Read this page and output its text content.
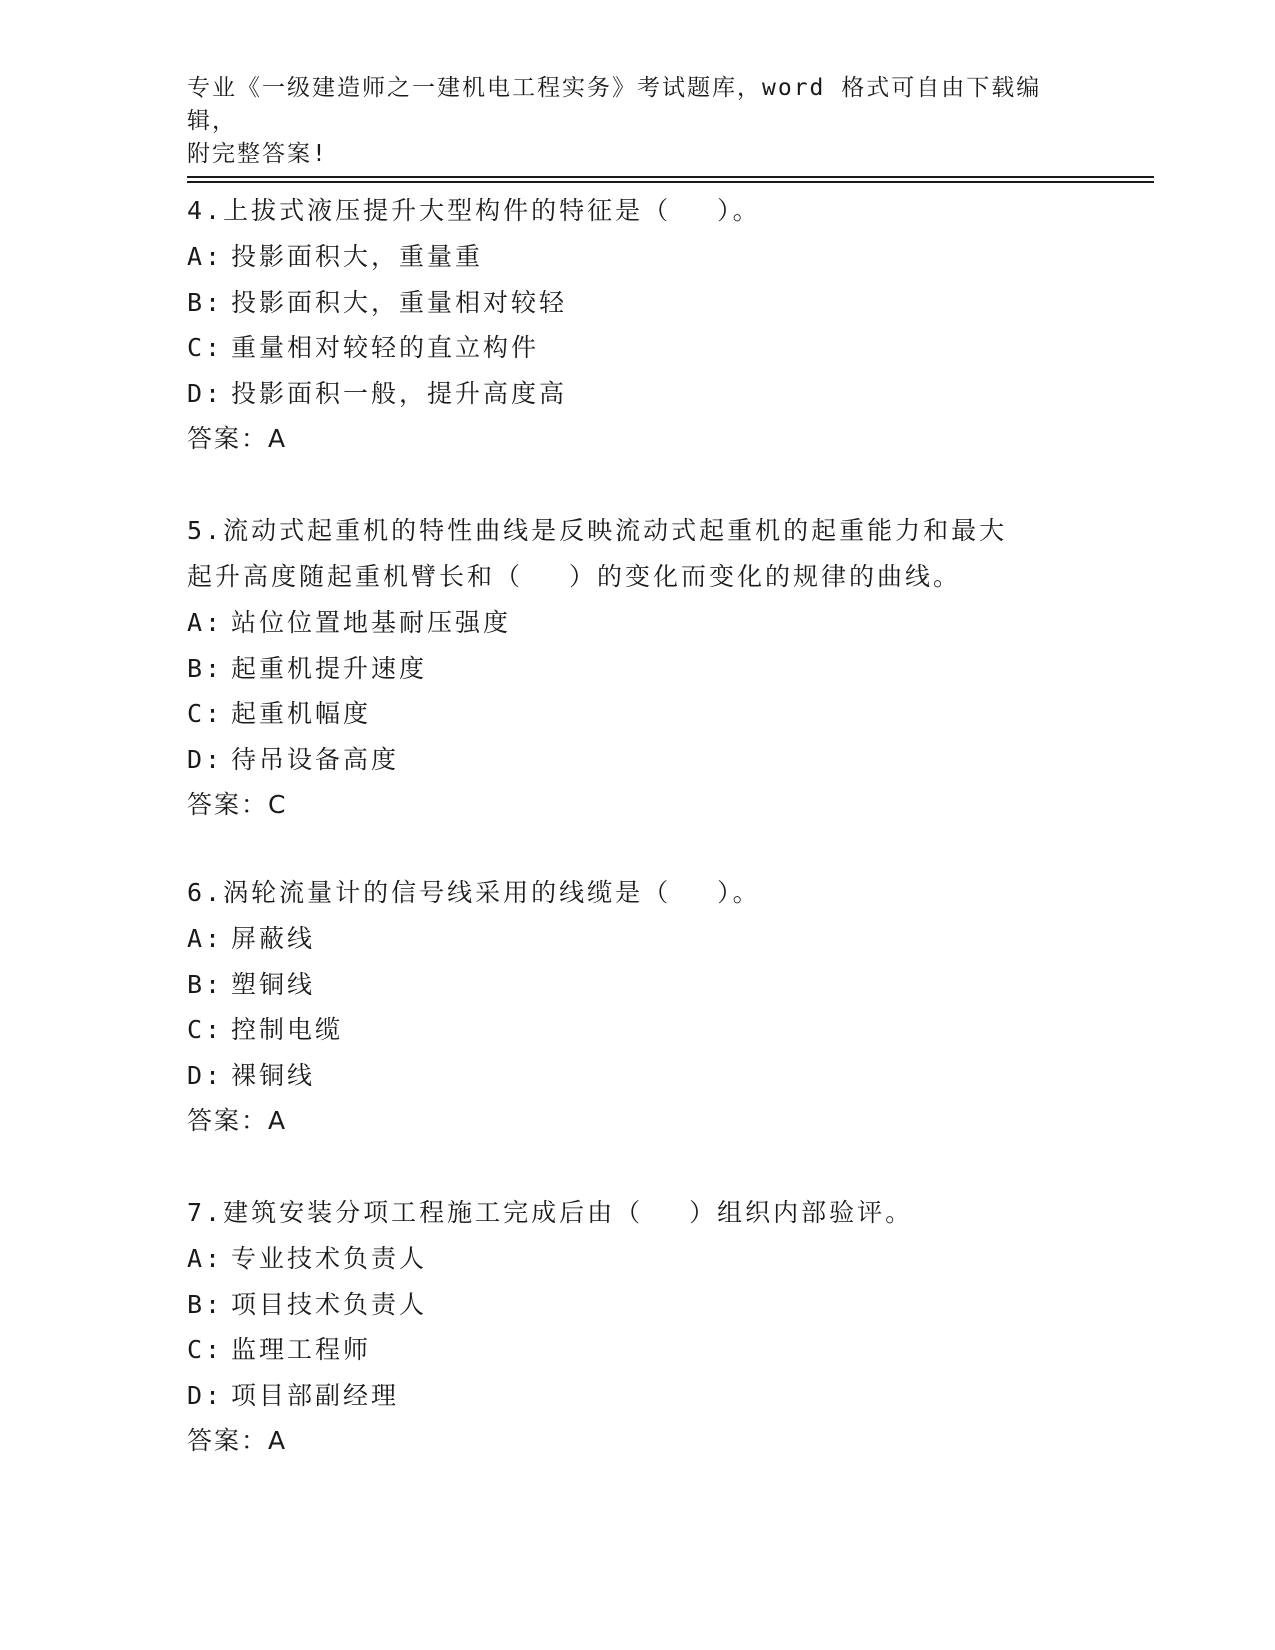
专业《一级建造师之一建机电工程实务》考试题库，word 格式可自由下载编辑，
附完整答案!
4.上拔式液压提升大型构件的特征是（　 ）。
A: 投影面积大，重量重
B: 投影面积大，重量相对较轻
C: 重量相对较轻的直立构件
D: 投影面积一般，提升高度高
答案：A
5.流动式起重机的特性曲线是反映流动式起重机的起重能力和最大起升高度随起重机臂长和（　 ）的变化而变化的规律的曲线。
A: 站位位置地基耐压强度
B: 起重机提升速度
C: 起重机幅度
D: 待吊设备高度
答案：C
6.涡轮流量计的信号线采用的线缆是（　 ）。
A: 屏蔽线
B: 塑铜线
C: 控制电缆
D: 裸铜线
答案：A
7.建筑安装分项工程施工完成后由（　 ）组织内部验评。
A: 专业技术负责人
B: 项目技术负责人
C: 监理工程师
D: 项目部副经理
答案：A
